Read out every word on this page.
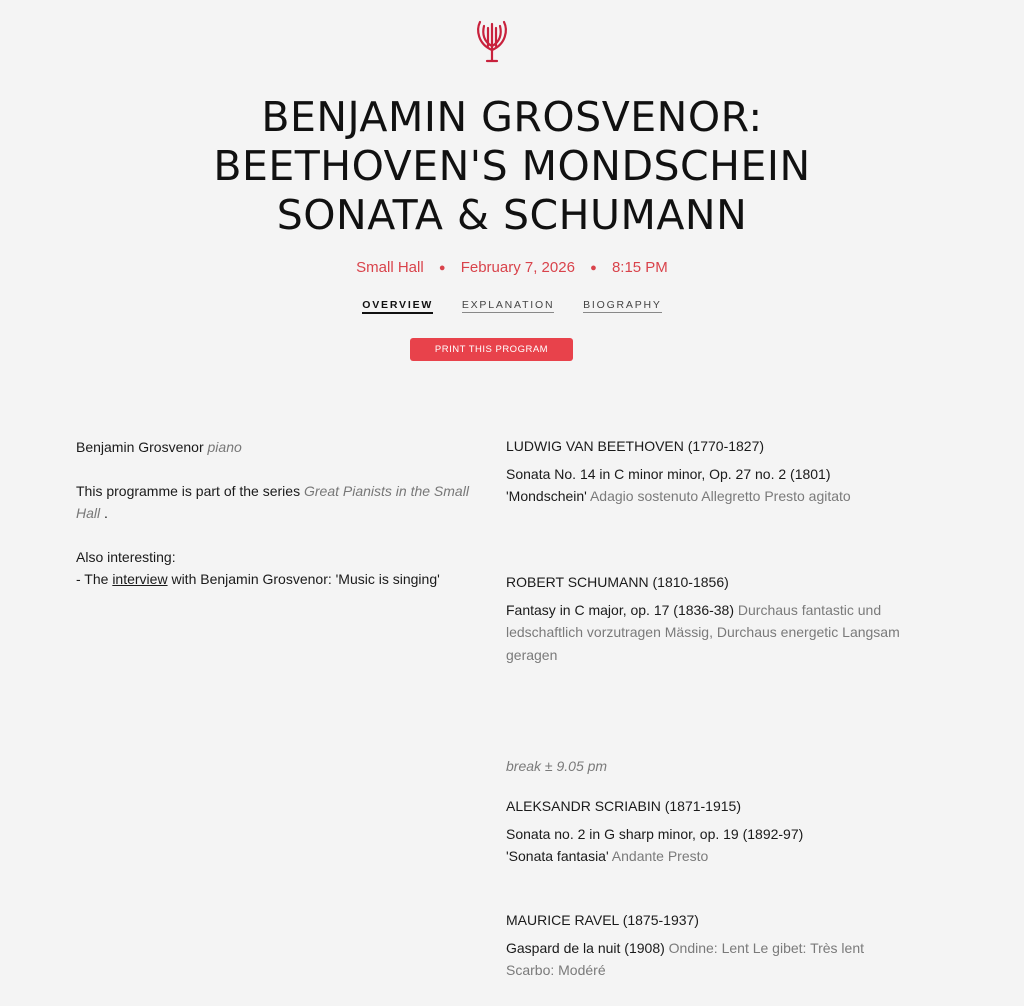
BENJAMIN GROSVENOR:
BEETHOVEN'S MONDSCHEIN
SONATA & SCHUMANN
Small Hall ● February 7, 2026 ● 8:15 PM
OVERVIEW	EXPLANATION	BIOGRAPHY
PRINT THIS PROGRAM

Benjamin Grosvenor piano

This programme is part of the series Great Pianists in the Small Hall .

Also interesting:
- The interview with Benjamin Grosvenor: 'Music is singing'
LUDWIG VAN BEETHOVEN (1770-1827)
Sonata No. 14 in C minor minor, Op. 27 no. 2 (1801)
'Mondschein' Adagio sostenuto Allegretto Presto agitato
ROBERT SCHUMANN (1810-1856)
Fantasy in C major, op. 17 (1836-38) Durchaus fantastic und ledschaftlich vorzutragen Mässig, Durchaus energetic Langsam geragen
break ± 9.05 pm
ALEKSANDR SCRIABIN (1871-1915)
Sonata no. 2 in G sharp minor, op. 19 (1892-97)
'Sonata fantasia' Andante Presto
MAURICE RAVEL (1875-1937)
Gaspard de la nuit (1908) Ondine: Lent Le gibet: Très lent Scarbo: Modéré
